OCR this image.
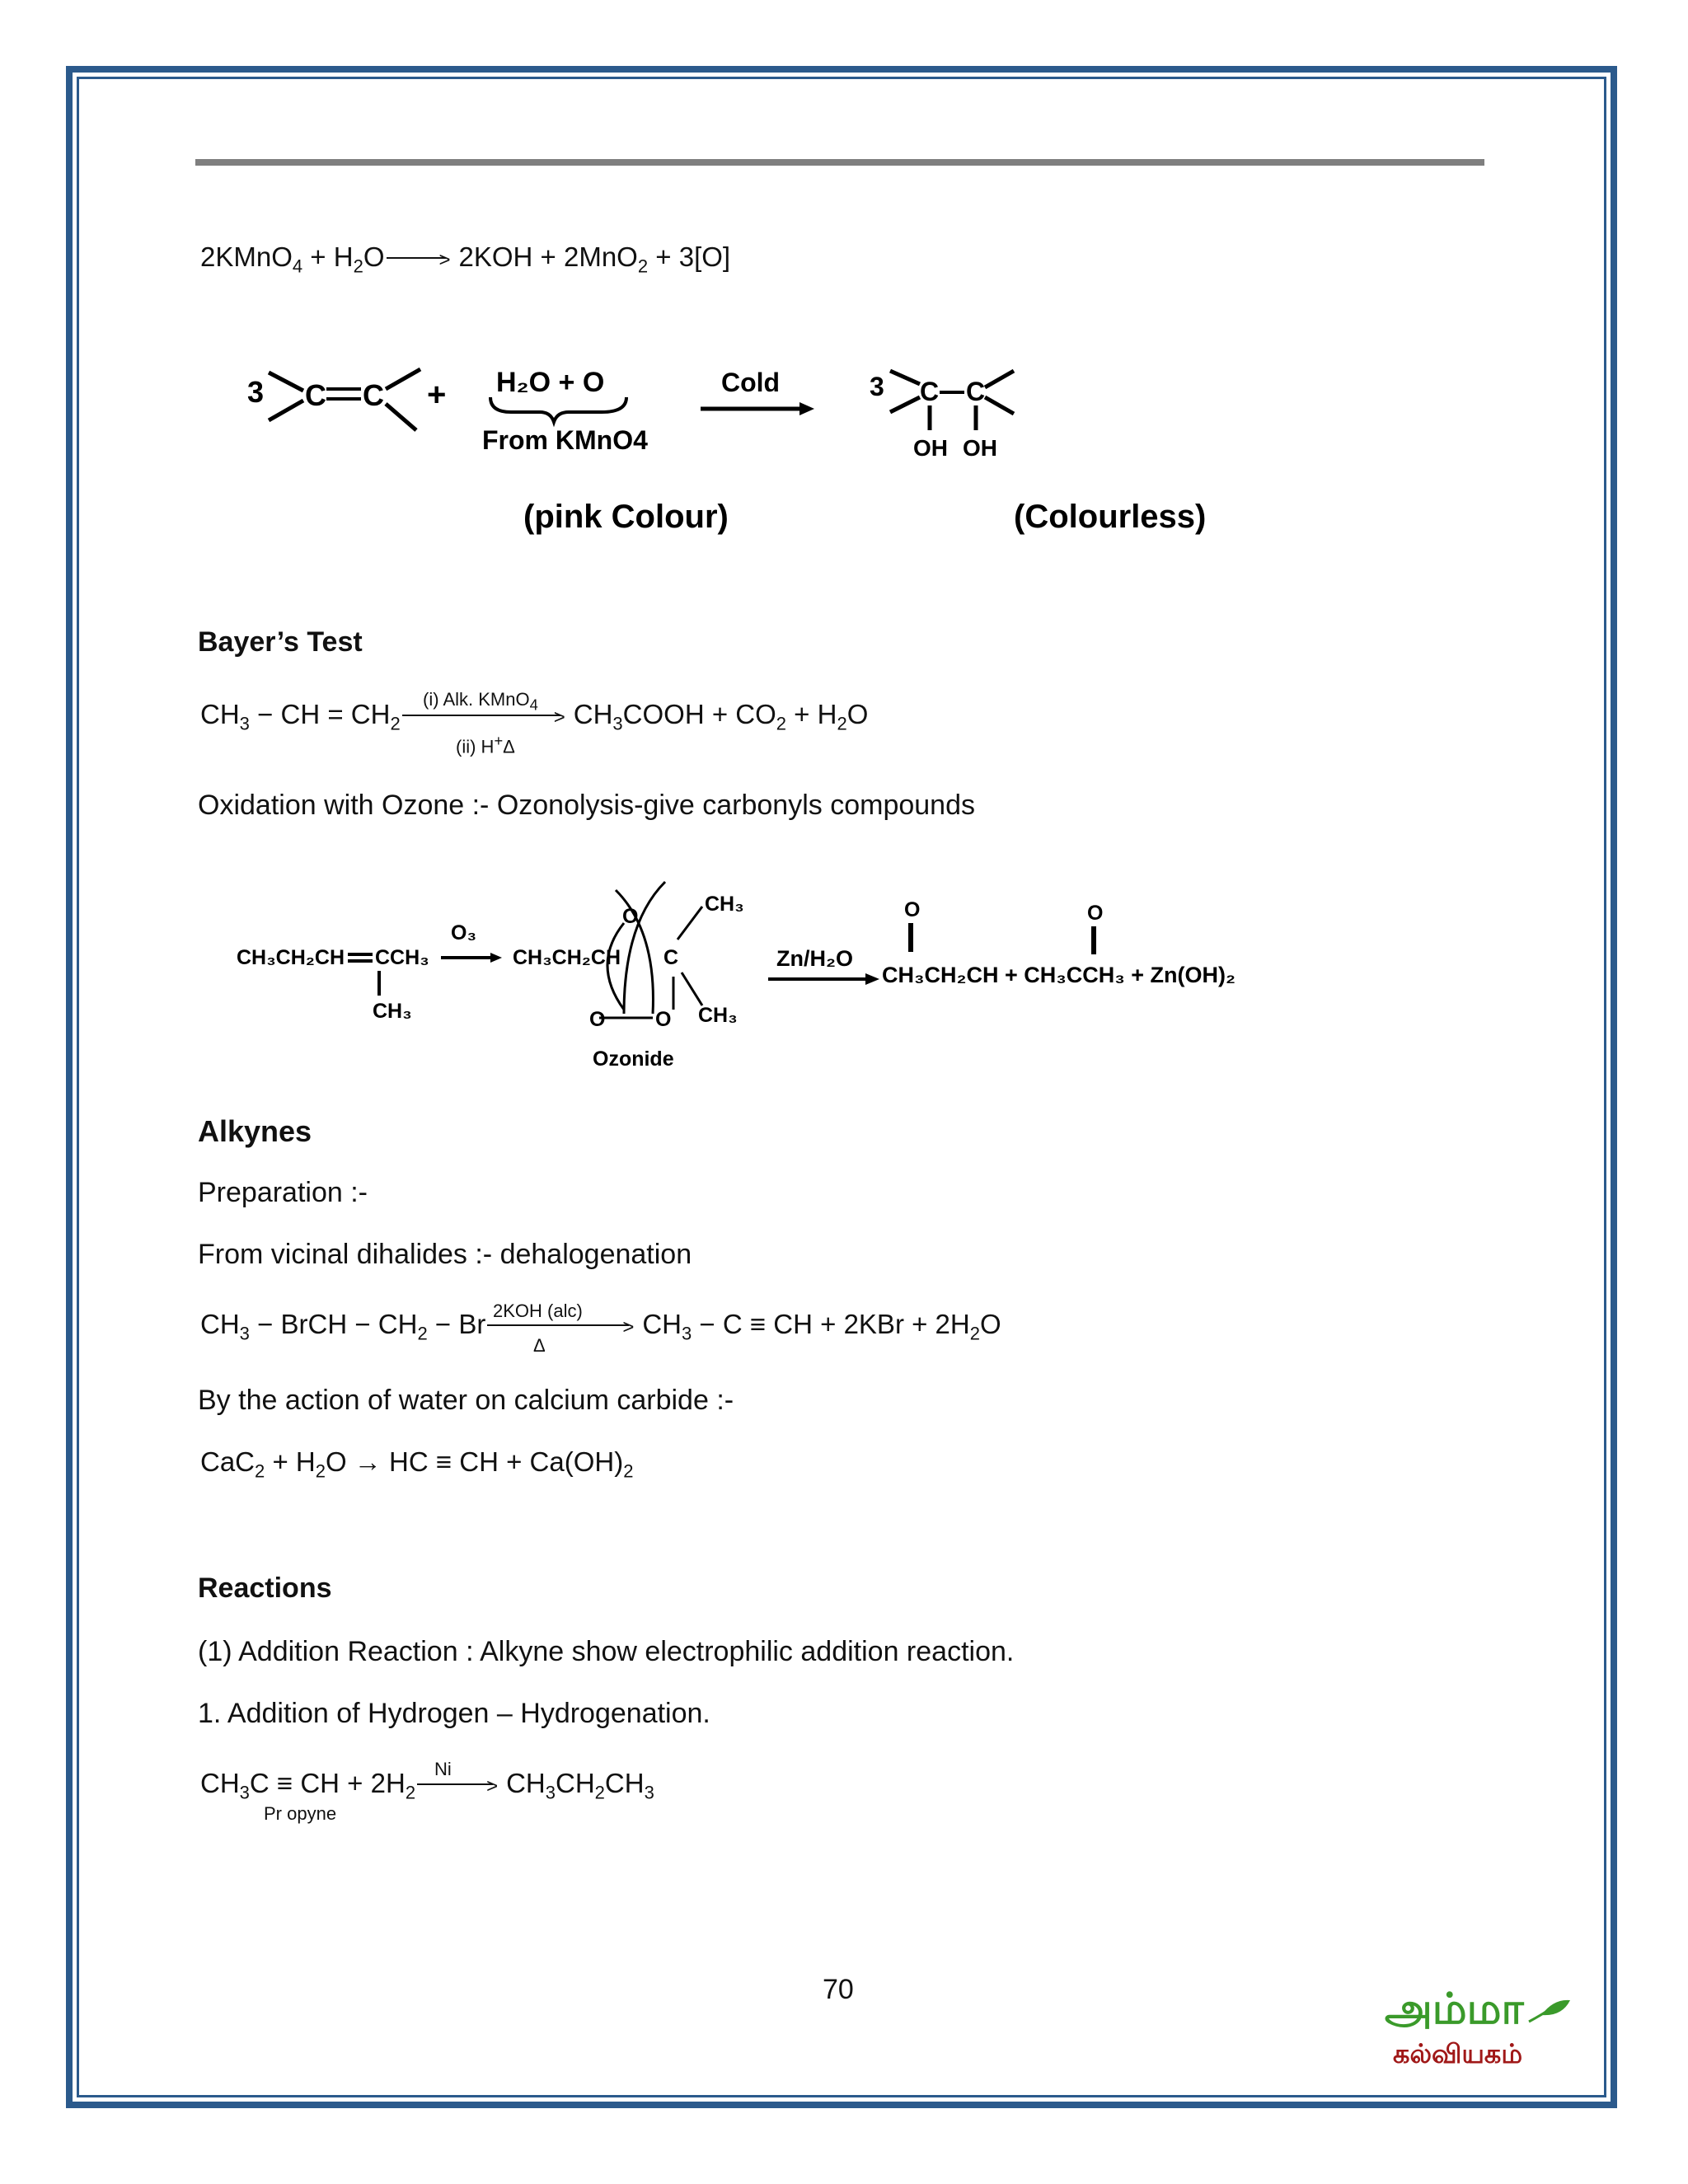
2KMnO$_4$ + $H_2O$	> 2KOH + 2MnO$_2$ + 3[O]
3 C C + H₂O + O
From KMnO4
Cold	3 C C
OH OH
(pink Colour)	(Colourless)
Bayer’s Test
$CH_3$ − CH = $CH_2$	> $CH_3COOH + CO_2 + H_2O$
(i) Alk. KMnO$_4$
(ii) H+Δ
Oxidation with Ozone :- Ozonolysis-give carbonyls compounds
CH₃CH₂CH CCH₃
CH₃
O₃
CH₃CH₂CH
O
C
O O
CH₃
CH₃
Ozonide
Zn/H₂O
O	O
CH₃CH₂CH + CH₃CCH₃ + Zn(OH)₂
Alkynes
Preparation :-
From vicinal dihalides :- dehalogenation
$CH_3$ − BrCH − $CH_2 - Br$	> $CH_3 - C$ ≡ CH + $2KBr + 2H_2O$
2KOH (alc)
Δ
By the action of water on calcium carbide :-
$CaC_2 + H_2O$ → HC ≡ CH + $Ca(OH)_2$
Reactions
(1) Addition Reaction : Alkyne show electrophilic addition reaction.
1. Addition of Hydrogen – Hydrogenation.
$CH_3C$ ≡ CH + $2H_2$	> $CH_3CH_2CH_3$
Ni
Pr opyne
70	அம்மா
கல்வியகம்
